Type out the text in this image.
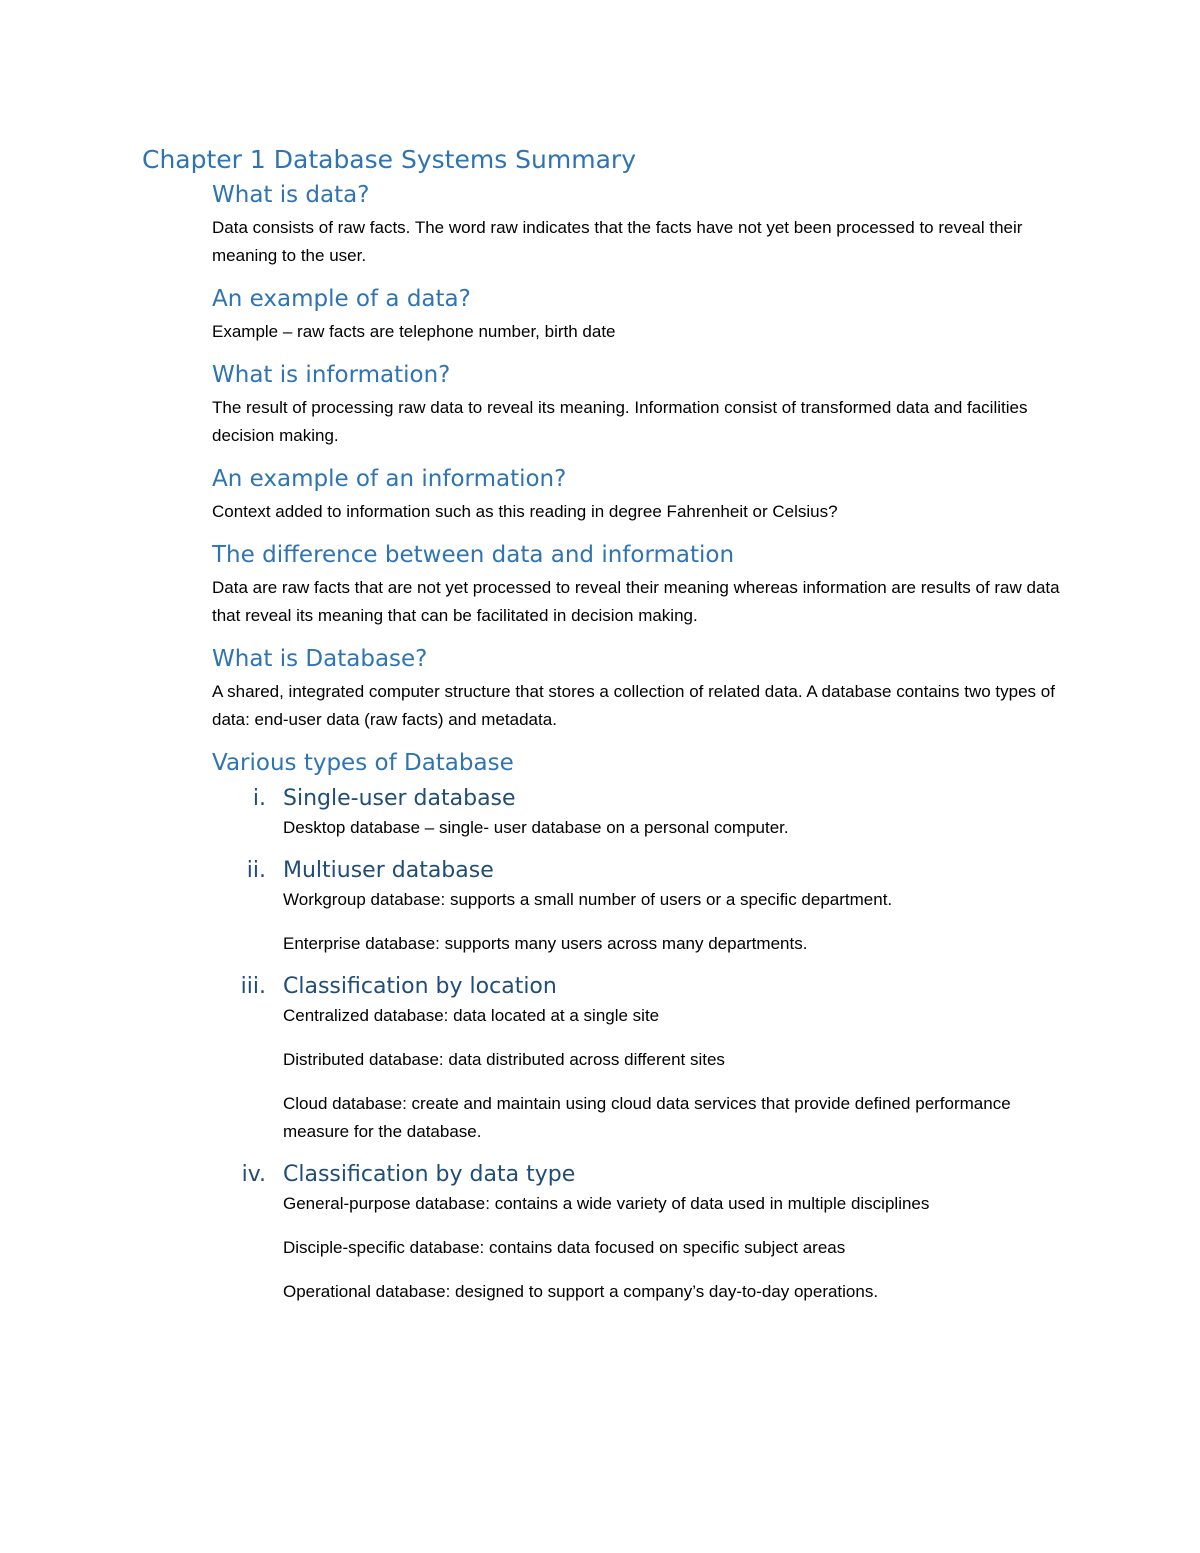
Chapter 1 Database Systems Summary
What is data?

Data consists of raw facts. The word raw indicates that the facts have not yet been processed to reveal their meaning to the user.

An example of a data?

Example – raw facts are telephone number, birth date

What is information?

The result of processing raw data to reveal its meaning. Information consist of transformed data and facilities decision making.

An example of an information?

Context added to information such as this reading in degree Fahrenheit or Celsius?

The difference between data and information

Data are raw facts that are not yet processed to reveal their meaning whereas information are results of raw data that reveal its meaning that can be facilitated in decision making.

What is Database?

A shared, integrated computer structure that stores a collection of related data. A database contains two types of data: end-user data (raw facts) and metadata.

Various types of Database
i. Single-user database

Desktop database – single- user database on a personal computer.

ii. Multiuser database

Workgroup database: supports a small number of users or a specific department.

Enterprise database: supports many users across many departments.

iii. Classification by location

Centralized database: data located at a single site

Distributed database: data distributed across different sites

Cloud database: create and maintain using cloud data services that provide defined performance measure for the database.

iv. Classification by data type

General-purpose database: contains a wide variety of data used in multiple disciplines

Disciple-specific database: contains data focused on specific subject areas

Operational database: designed to support a company’s day-to-day operations.
